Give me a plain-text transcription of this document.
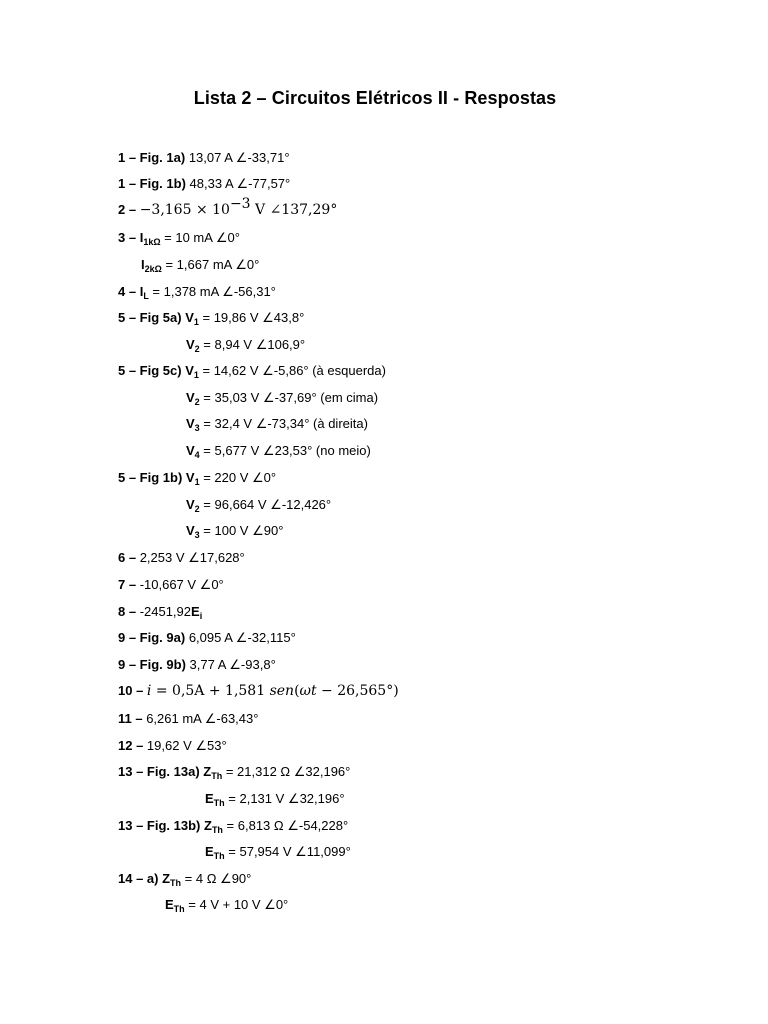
Lista 2 – Circuitos Elétricos II - Respostas
1 – Fig. 1a) 13,07 A ∠-33,71°
1 – Fig. 1b) 48,33 A ∠-77,57°
$2 - -3,165 \times 10^{-3}$ V ∠137,29°
$3 - I_{1k\Omega} = 10$ mA ∠0°
$I_{2k\Omega} = 1,667$ mA ∠0°
$4 - I_L = 1,378$ mA ∠-56,31°
5 – Fig 5a) $V_1 = 19,86$ V ∠43,8°
$V_2 = 8,94$ V ∠106,9°
5 – Fig 5c) $V_1 = 14,62$ V ∠-5,86° (à esquerda)
$V_2 = 35,03$ V ∠-37,69° (em cima)
$V_3 = 32,4$ V ∠-73,34° (à direita)
$V_4 = 5,677$ V ∠23,53° (no meio)
5 – Fig 1b) $V_1 = 220$ V ∠0°
$V_2 = 96,664$ V ∠-12,426°
$V_3 = 100$ V ∠90°
6 – 2,253 V ∠17,628°
7 – -10,667 V ∠0°
$8 - -2451,92E_i$
9 – Fig. 9a) 6,095 A ∠-32,115°
9 – Fig. 9b) 3,77 A ∠-93,8°
10 – i = 0,5A + 1,581 sen(ωt − 26,565°)
11 – 6,261 mA ∠-63,43°
12 – 19,62 V ∠53°
13 – Fig. 13a) $Z_{Th} = 21,312$ Ω ∠32,196°
$E_{Th} = 2,131$ V ∠32,196°
13 – Fig. 13b) $Z_{Th} = 6,813$ Ω ∠-54,228°
$E_{Th} = 57,954$ V ∠11,099°
14 – a) $Z_{Th} = 4$ Ω ∠90°
$E_{Th} = 4$ V + 10 V ∠0°
